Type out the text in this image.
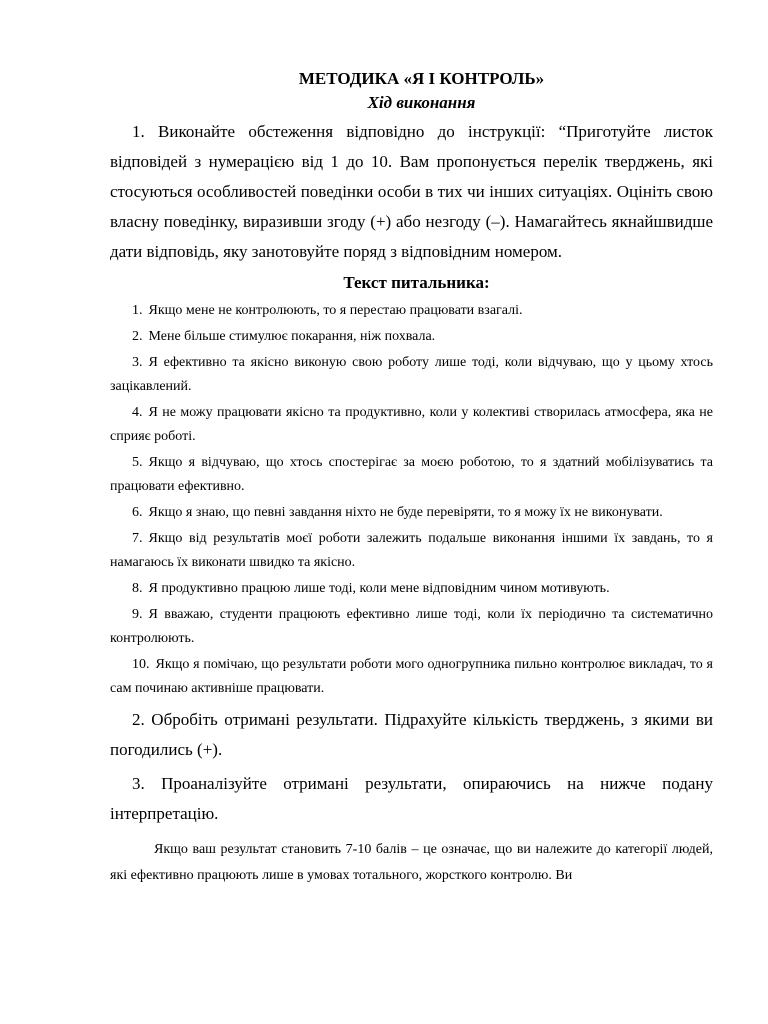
МЕТОДИКА «Я І КОНТРОЛЬ»

Хід виконання

1. Виконайте обстеження відповідно до інструкції: “Приготуйте листок відповідей з нумерацією від 1 до 10. Вам пропонується перелік тверджень, які стосуються особливостей поведінки особи в тих чи інших ситуаціях. Оцініть свою власну поведінку, виразивши згоду (+) або незгоду (–). Намагайтесь якнайшвидше дати відповідь, яку занотовуйте поряд з відповідним номером.

Текст питальника:

1. Якщо мене не контролюють, то я перестаю працювати взагалі.
2. Мене більше стимулює покарання, ніж похвала.
3. Я ефективно та якісно виконую свою роботу лише тоді, коли відчуваю, що у цьому хтось зацікавлений.
4. Я не можу працювати якісно та продуктивно, коли у колективі створилась атмосфера, яка не сприяє роботі.
5. Якщо я відчуваю, що хтось спостерігає за моєю роботою, то я здатний мобілізуватись та працювати ефективно.
6. Якщо я знаю, що певні завдання ніхто не буде перевіряти, то я можу їх не виконувати.
7. Якщо від результатів моєї роботи залежить подальше виконання іншими їх завдань, то я намагаюсь їх виконати швидко та якісно.
8. Я продуктивно працюю лише тоді, коли мене відповідним чином мотивують.
9. Я вважаю, студенти працюють ефективно лише тоді, коли їх періодично та систематично контролюють.
10. Якщо я помічаю, що результати роботи мого одногрупника пильно контролює викладач, то я сам починаю активніше працювати.

2. Обробіть отримані результати. Підрахуйте кількість тверджень, з якими ви погодились (+).

3. Проаналізуйте отримані результати, опираючись на нижче подану інтерпретацію.

Якщо ваш результат становить 7-10 балів – це означає, що ви належите до категорії людей, які ефективно працюють лише в умовах тотального, жорсткого контролю. Ви
